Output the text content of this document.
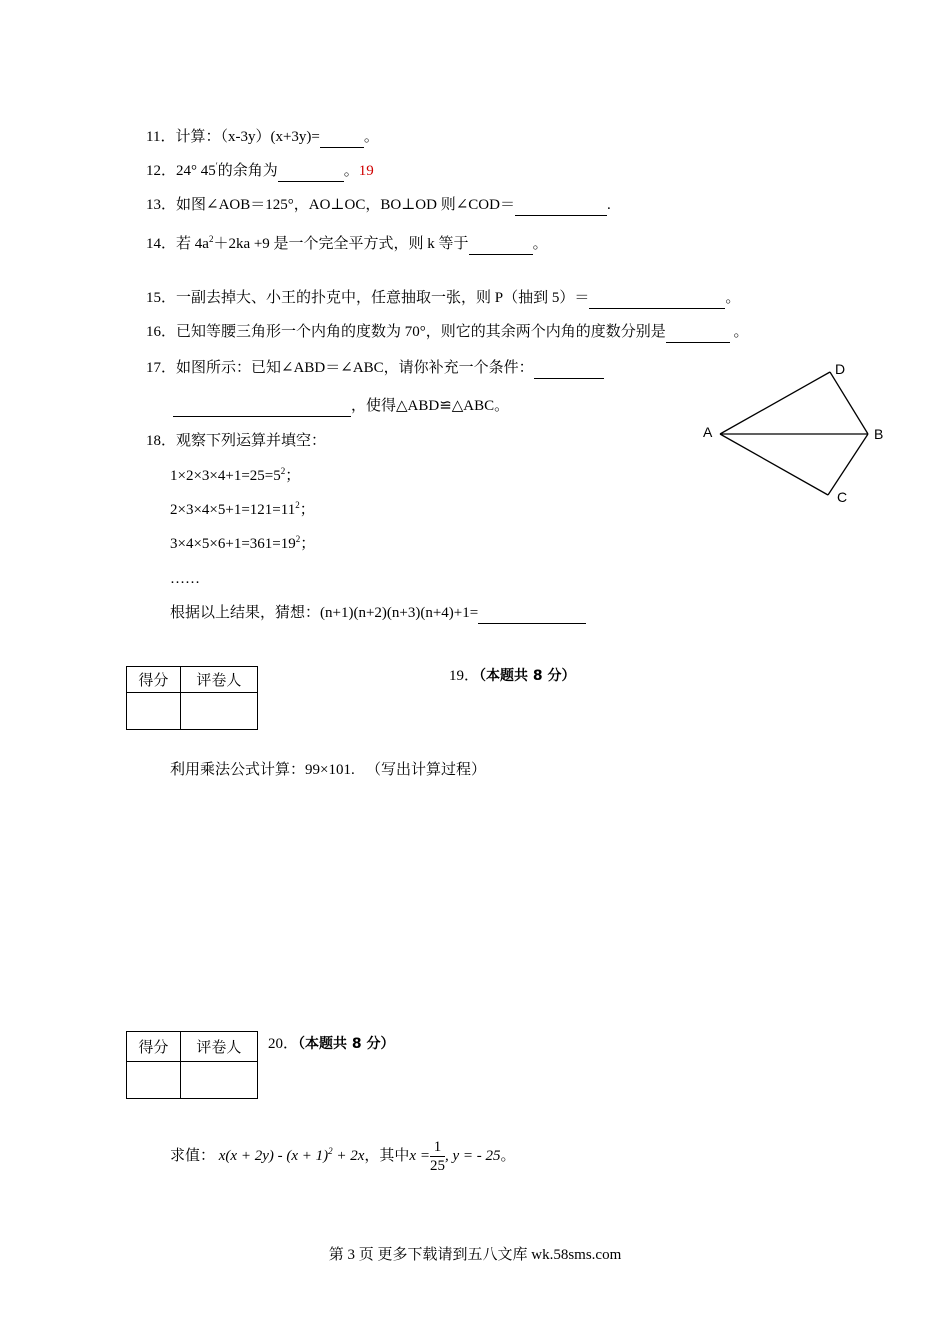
11．计算：（x-3y）(x+3y)=	。
12．24° 45′的余角为	。19
13．如图∠AOB＝125°，AO⊥OC，BO⊥OD 则∠COD＝	.
14．若 $4a^2+2ka +9$ 是一个完全平方式，则 k 等于	。
15．一副去掉大、小王的扑克中，任意抽取一张，则 P（抽到 5）＝	。
16．已知等腰三角形一个内角的度数为 70°，则它的其余两个内角的度数分别是	。
17．如图所示：已知∠ABD＝∠ABC，请你补充一个条件：
，使得△ABD≌△ABC。
A	B
C
D
18．观察下列运算并填空：
$1\times 2\times 3\times 4+1=25=5^2$；
$2\times 3\times 4\times 5+1=121=11^2$；
$3\times 4\times 5\times 6+1=361=19^2$；
……
根据以上结果，猜想：(n+1)(n+2)(n+3)(n+4)+1=
得分	评卷人
		19．（本题共 8 分）
利用乘法公式计算：99×101. （写出计算过程）
得分	评卷人
	20．（本题共 8 分）
求值： $x(x + 2y) - (x + 1)^2 + 2x$，其中$x = \frac{1}{25}$ , y = - 25。
第 3 页 更多下载请到五八文库 wk.58sms.com
